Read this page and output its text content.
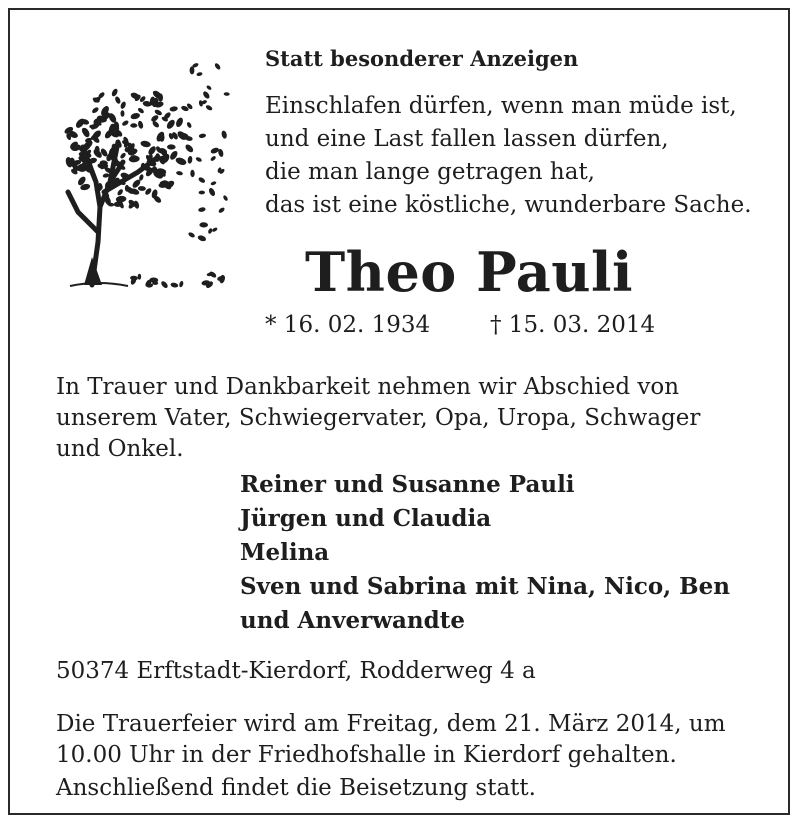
Statt besonderer Anzeigen
Einschlafen dürfen, wenn man müde ist,
und eine Last fallen lassen dürfen,
die man lange getragen hat,
das ist eine köstliche, wunderbare Sache.
Theo Pauli
* 16. 02. 1934	† 15. 03. 2014
In Trauer und Dankbarkeit nehmen wir Abschied von
unserem Vater, Schwiegervater, Opa, Uropa, Schwager
und Onkel.
Reiner und Susanne Pauli
Jürgen und Claudia
Melina
Sven und Sabrina mit Nina, Nico, Ben
und Anverwandte
50374 Erftstadt-Kierdorf, Rodderweg 4 a
Die Trauerfeier wird am Freitag, dem 21. März 2014, um
10.00 Uhr in der Friedhofshalle in Kierdorf gehalten.
Anschließend findet die Beisetzung statt.
